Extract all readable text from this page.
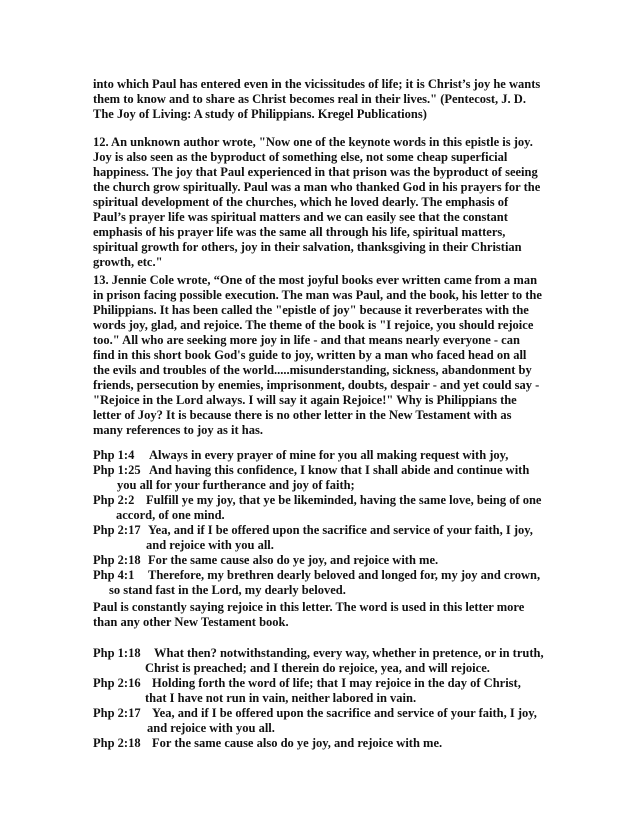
into which Paul has entered even in the vicissitudes of life; it is Christ’s joy he wants
them to know and to share as Christ becomes real in their lives." (Pentecost, J. D.
The Joy of Living: A study of Philippians. Kregel Publications)
12. An unknown author wrote, "Now one of the keynote words in this epistle is joy.
Joy is also seen as the byproduct of something else, not some cheap superficial
happiness. The joy that Paul experienced in that prison was the byproduct of seeing
the church grow spiritually. Paul was a man who thanked God in his prayers for the
spiritual development of the churches, which he loved dearly. The emphasis of
Paul’s prayer life was spiritual matters and we can easily see that the constant
emphasis of his prayer life was the same all through his life, spiritual matters,
spiritual growth for others, joy in their salvation, thanksgiving in their Christian
growth, etc."
13. Jennie Cole wrote, “One of the most joyful books ever written came from a man
in prison facing possible execution. The man was Paul, and the book, his letter to the
Philippians. It has been called the "epistle of joy" because it reverberates with the
words joy, glad, and rejoice. The theme of the book is "I rejoice, you should rejoice
too." All who are seeking more joy in life - and that means nearly everyone - can
find in this short book God's guide to joy, written by a man who faced head on all
the evils and troubles of the world.....misunderstanding, sickness, abandonment by
friends, persecution by enemies, imprisonment, doubts, despair - and yet could say -
"Rejoice in the Lord always. I will say it again Rejoice!" Why is Philippians the
letter of Joy? It is because there is no other letter in the New Testament with as
many references to joy as it has.
Php 1:4 Always in every prayer of mine for you all making request with joy,
Php 1:25 And having this confidence, I know that I shall abide and continue with
you all for your furtherance and joy of faith;
Php 2:2 Fulfill ye my joy, that ye be likeminded, having the same love, being of one
accord, of one mind.
Php 2:17 Yea, and if I be offered upon the sacrifice and service of your faith, I joy,
and rejoice with you all.
Php 2:18 For the same cause also do ye joy, and rejoice with me.
Php 4:1 Therefore, my brethren dearly beloved and longed for, my joy and crown,
so stand fast in the Lord, my dearly beloved.
Paul is constantly saying rejoice in this letter. The word is used in this letter more
than any other New Testament book.
Php 1:18 What then? notwithstanding, every way, whether in pretence, or in truth,
Christ is preached; and I therein do rejoice, yea, and will rejoice.
Php 2:16 Holding forth the word of life; that I may rejoice in the day of Christ,
that I have not run in vain, neither labored in vain.
Php 2:17 Yea, and if I be offered upon the sacrifice and service of your faith, I joy,
and rejoice with you all.
Php 2:18 For the same cause also do ye joy, and rejoice with me.
